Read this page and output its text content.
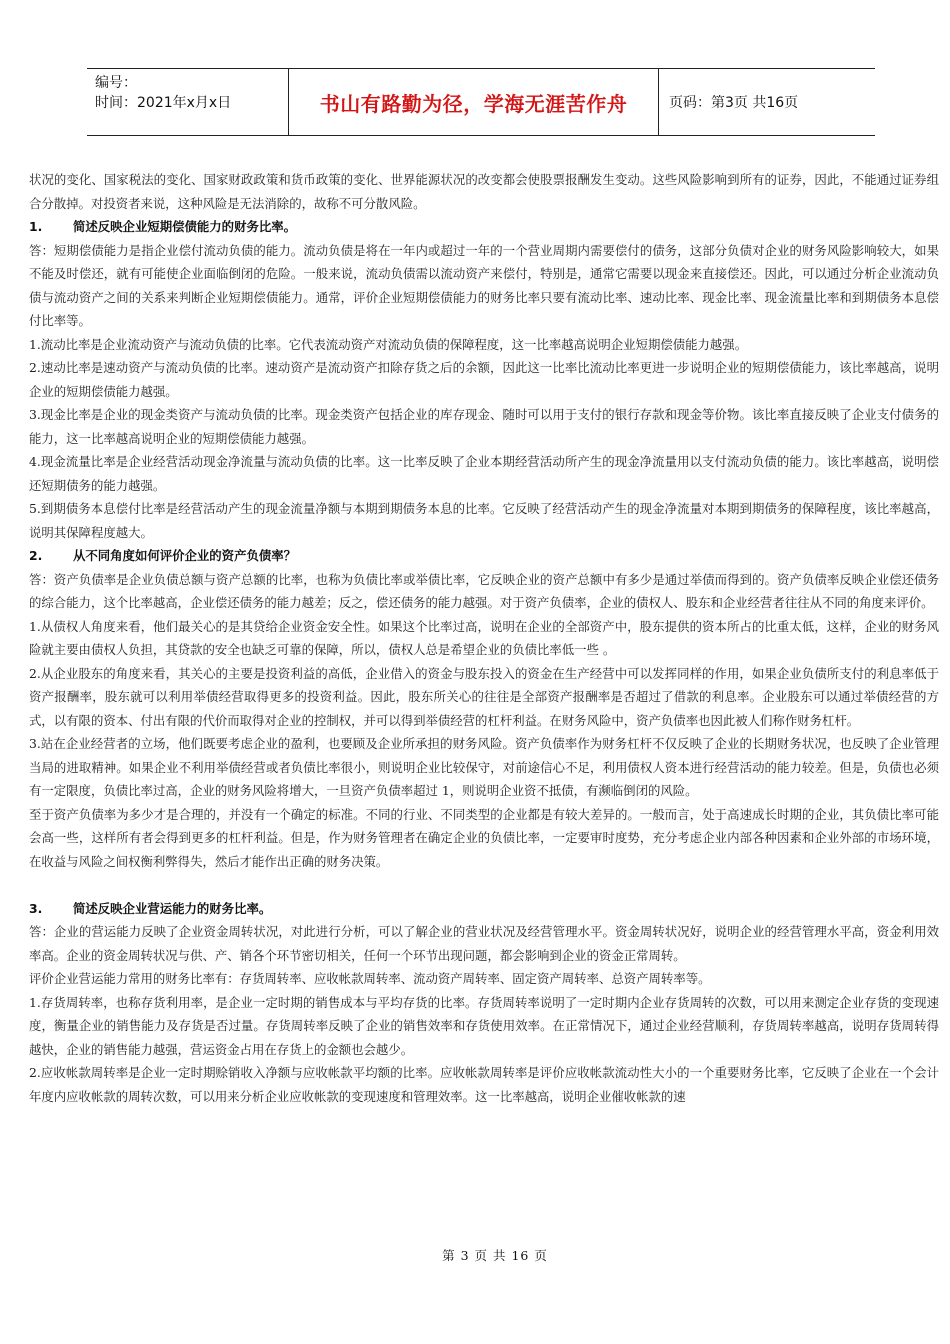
编号：
时间：2021年x月x日	书山有路勤为径，学海无涯苦作舟	页码：第3页 共16页

状况的变化、国家税法的变化、国家财政政策和货币政策的变化、世界能源状况的改变都会使股票报酬发生变动。这些风险影响到所有的证券，因此，不能通过证券组合分散掉。对投资者来说，这种风险是无法消除的，故称不可分散风险。

1. 简述反映企业短期偿债能力的财务比率。

答：短期偿债能力是指企业偿付流动负债的能力。流动负债是将在一年内或超过一年的一个营业周期内需要偿付的债务，这部分负债对企业的财务风险影响较大，如果不能及时偿还，就有可能使企业面临倒闭的危险。一般来说，流动负债需以流动资产来偿付，特别是，通常它需要以现金来直接偿还。因此，可以通过分析企业流动负债与流动资产之间的关系来判断企业短期偿债能力。通常，评价企业短期偿债能力的财务比率只要有流动比率、速动比率、现金比率、现金流量比率和到期债务本息偿付比率等。

1.流动比率是企业流动资产与流动负债的比率。它代表流动资产对流动负债的保障程度，这一比率越高说明企业短期偿债能力越强。

2.速动比率是速动资产与流动负债的比率。速动资产是流动资产扣除存货之后的余额，因此这一比率比流动比率更进一步说明企业的短期偿债能力，该比率越高，说明企业的短期偿债能力越强。

3.现金比率是企业的现金类资产与流动负债的比率。现金类资产包括企业的库存现金、随时可以用于支付的银行存款和现金等价物。该比率直接反映了企业支付债务的能力，这一比率越高说明企业的短期偿债能力越强。

4.现金流量比率是企业经营活动现金净流量与流动负债的比率。这一比率反映了企业本期经营活动所产生的现金净流量用以支付流动负债的能力。该比率越高，说明偿还短期债务的能力越强。

5.到期债务本息偿付比率是经营活动产生的现金流量净额与本期到期债务本息的比率。它反映了经营活动产生的现金净流量对本期到期债务的保障程度，该比率越高，说明其保障程度越大。

2. 从不同角度如何评价企业的资产负债率？

答：资产负债率是企业负债总额与资产总额的比率，也称为负债比率或举债比率，它反映企业的资产总额中有多少是通过举债而得到的。资产负债率反映企业偿还债务的综合能力，这个比率越高，企业偿还债务的能力越差；反之，偿还债务的能力越强。对于资产负债率，企业的债权人、股东和企业经营者往往从不同的角度来评价。

1.从债权人角度来看，他们最关心的是其贷给企业资金安全性。如果这个比率过高，说明在企业的全部资产中，股东提供的资本所占的比重太低，这样，企业的财务风险就主要由债权人负担，其贷款的安全也缺乏可靠的保障，所以，债权人总是希望企业的负债比率低一些 。

2.从企业股东的角度来看，其关心的主要是投资利益的高低，企业借入的资金与股东投入的资金在生产经营中可以发挥同样的作用，如果企业负债所支付的利息率低于资产报酬率，股东就可以利用举债经营取得更多的投资利益。因此，股东所关心的往往是全部资产报酬率是否超过了借款的利息率。企业股东可以通过举债经营的方式，以有限的资本、付出有限的代价而取得对企业的控制权，并可以得到举债经营的杠杆利益。在财务风险中，资产负债率也因此被人们称作财务杠杆。

3.站在企业经营者的立场，他们既要考虑企业的盈利，也要顾及企业所承担的财务风险。资产负债率作为财务杠杆不仅反映了企业的长期财务状况，也反映了企业管理当局的进取精神。如果企业不利用举债经营或者负债比率很小，则说明企业比较保守，对前途信心不足，利用债权人资本进行经营活动的能力较差。但是，负债也必须有一定限度，负债比率过高，企业的财务风险将增大，一旦资产负债率超过 1，则说明企业资不抵债，有濒临倒闭的风险。

至于资产负债率为多少才是合理的，并没有一个确定的标准。不同的行业、不同类型的企业都是有较大差异的。一般而言，处于高速成长时期的企业，其负债比率可能会高一些，这样所有者会得到更多的杠杆利益。但是，作为财务管理者在确定企业的负债比率，一定要审时度势，充分考虑企业内部各种因素和企业外部的市场环境，在收益与风险之间权衡利弊得失，然后才能作出正确的财务决策。

3. 简述反映企业营运能力的财务比率。

答：企业的营运能力反映了企业资金周转状况，对此进行分析，可以了解企业的营业状况及经营管理水平。资金周转状况好，说明企业的经营管理水平高，资金利用效率高。企业的资金周转状况与供、产、销各个环节密切相关，任何一个环节出现问题，都会影响到企业的资金正常周转。

评价企业营运能力常用的财务比率有：存货周转率、应收帐款周转率、流动资产周转率、固定资产周转率、总资产周转率等。

1.存货周转率，也称存货利用率，是企业一定时期的销售成本与平均存货的比率。存货周转率说明了一定时期内企业存货周转的次数，可以用来测定企业存货的变现速度，衡量企业的销售能力及存货是否过量。存货周转率反映了企业的销售效率和存货使用效率。在正常情况下，通过企业经营顺利，存货周转率越高，说明存货周转得越快，企业的销售能力越强，营运资金占用在存货上的金额也会越少。

2.应收帐款周转率是企业一定时期赊销收入净额与应收帐款平均额的比率。应收帐款周转率是评价应收帐款流动性大小的一个重要财务比率，它反映了企业在一个会计年度内应收帐款的周转次数，可以用来分析企业应收帐款的变现速度和管理效率。这一比率越高，说明企业催收帐款的速

第 3 页 共 16 页
